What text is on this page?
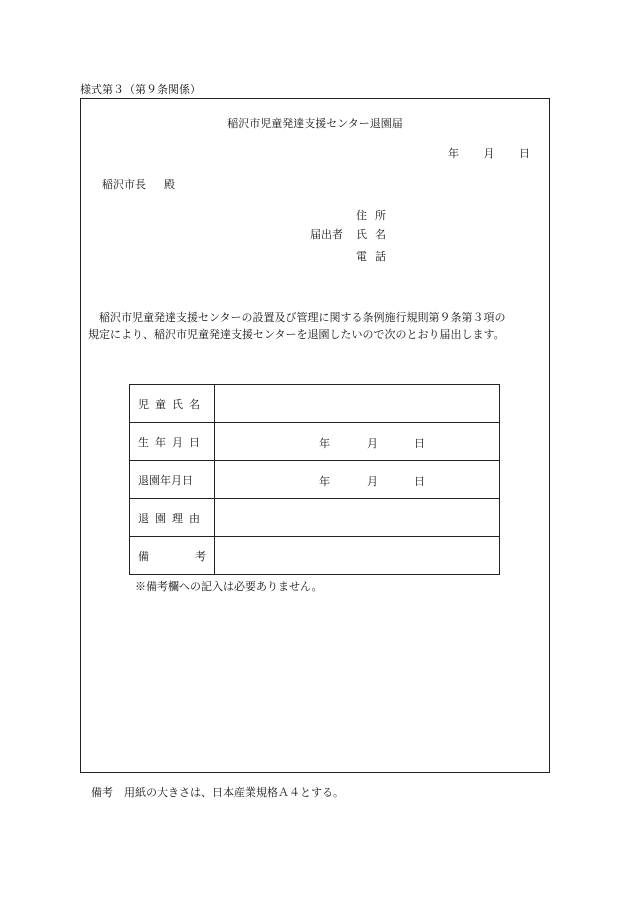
様式第３（第９条関係）
稲沢市児童発達支援センター退園届
年 月 日
稲沢市長 殿
住所
届出者 氏名
電話

稲沢市児童発達支援センターの設置及び管理に関する条例施行規則第９条第３項の

規定により、稲沢市児童発達支援センターを退園したいので次のとおり届出します。

児童氏名	
生年月日	年 月 日

退園年月日	年 月 日

退園理由	

備 考	

※備考欄への記入は必要ありません。
備考　用紙の大きさは、日本産業規格Ａ４とする。
